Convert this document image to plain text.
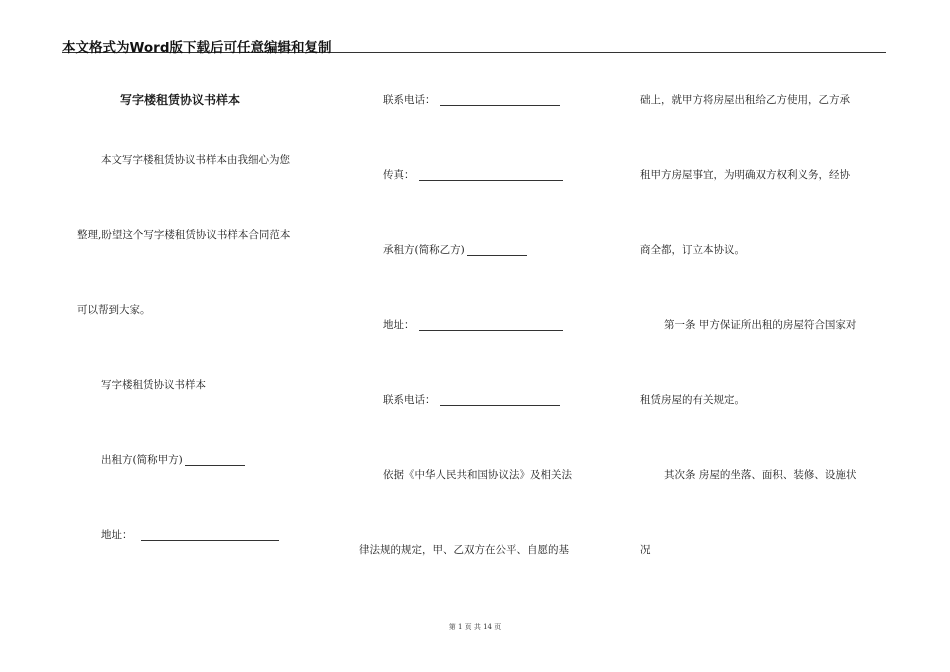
本文格式为Word版下载后可任意编辑和复制
写字楼租赁协议书样本
本文写字楼租赁协议书样本由我细心为您
整理,盼望这个写字楼租赁协议书样本合同范本
可以帮到大家。
写字楼租赁协议书样本
出租方(简称甲方)
地址：
联系电话：
传真：
承租方(简称乙方)
地址：
联系电话：
依据《中华人民共和国协议法》及相关法
律法规的规定，甲、乙双方在公平、自愿的基
础上，就甲方将房屋出租给乙方使用，乙方承
租甲方房屋事宜，为明确双方权利义务，经协
商全都，订立本协议。
第一条 甲方保证所出租的房屋符合国家对
租赁房屋的有关规定。
其次条 房屋的坐落、面积、装修、设施状
况
第 1 页 共 14 页
